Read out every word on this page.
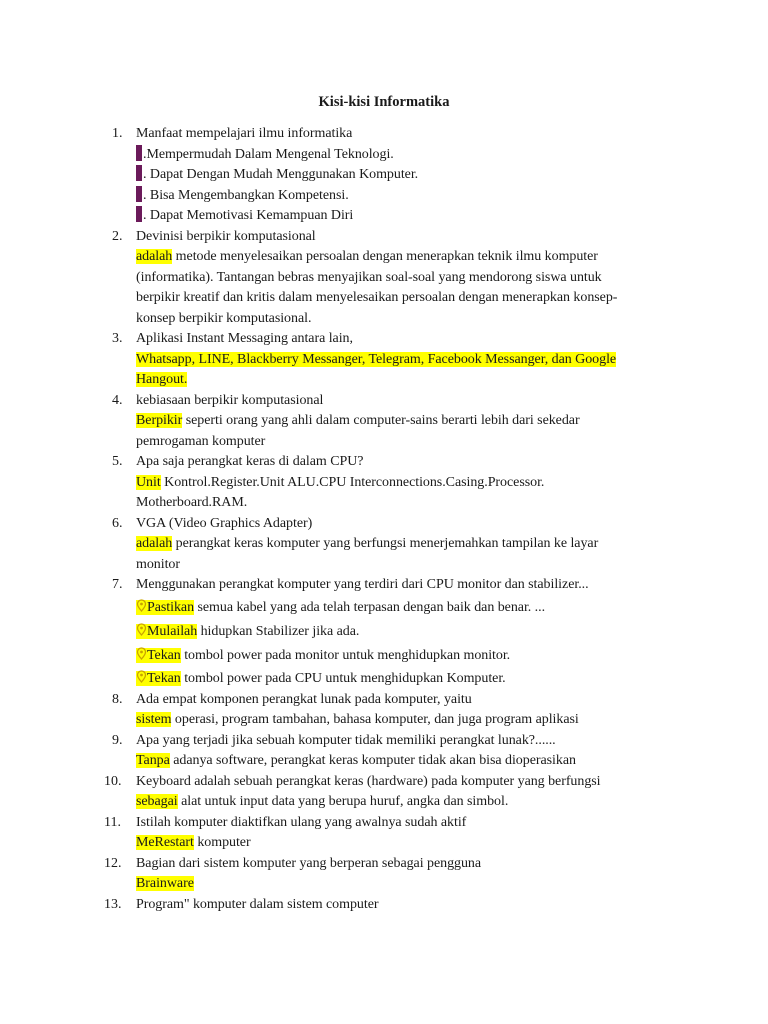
Kisi-kisi Informatika
1. Manfaat mempelajari ilmu informatika
.Mempermudah Dalam Mengenal Teknologi.
. Dapat Dengan Mudah Menggunakan Komputer.
. Bisa Mengembangkan Kompetensi.
. Dapat Memotivasi Kemampuan Diri
2. Devinisi berpikir komputasional
adalah metode menyelesaikan persoalan dengan menerapkan teknik ilmu komputer
(informatika). Tantangan bebras menyajikan soal-soal yang mendorong siswa untuk
berpikir kreatif dan kritis dalam menyelesaikan persoalan dengan menerapkan konsep-
konsep berpikir komputasional.
3. Aplikasi Instant Messaging antara lain,
Whatsapp, LINE, Blackberry Messanger, Telegram, Facebook Messanger, dan Google
Hangout.
4. kebiasaan berpikir komputasional
Berpikir seperti orang yang ahli dalam computer-sains berarti lebih dari sekedar
pemrogaman komputer
5. Apa saja perangkat keras di dalam CPU?
Unit Kontrol.Register.Unit ALU.CPU Interconnections.Casing.Processor.
Motherboard.RAM.
6. VGA (Video Graphics Adapter)
adalah perangkat keras komputer yang berfungsi menerjemahkan tampilan ke layar
monitor
7. Menggunakan perangkat komputer yang terdiri dari CPU monitor dan stabilizer...
Pastikan semua kabel yang ada telah terpasan dengan baik dan benar. ...
Mulailah hidupkan Stabilizer jika ada.
Tekan tombol power pada monitor untuk menghidupkan monitor.
Tekan tombol power pada CPU untuk menghidupkan Komputer.
8. Ada empat komponen perangkat lunak pada komputer, yaitu
sistem operasi, program tambahan, bahasa komputer, dan juga program aplikasi
9. Apa yang terjadi jika sebuah komputer tidak memiliki perangkat lunak?......
Tanpa adanya software, perangkat keras komputer tidak akan bisa dioperasikan
10. Keyboard adalah sebuah perangkat keras (hardware) pada komputer yang berfungsi
sebagai alat untuk input data yang berupa huruf, angka dan simbol.
11. Istilah komputer diaktifkan ulang yang awalnya sudah aktif
MeRestart komputer
12. Bagian dari sistem komputer yang berperan sebagai pengguna
Brainware
13. Program" komputer dalam sistem computer
